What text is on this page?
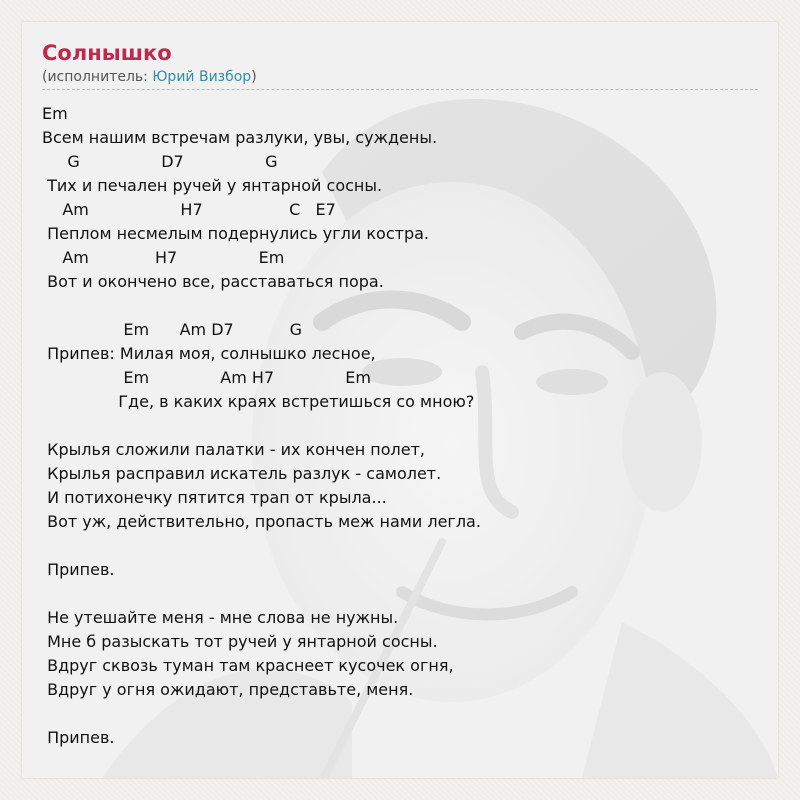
Солнышко
(исполнитель: Юрий Визбор)
Em
Всем нашим встречам разлуки, увы, суждены.
G                D7                G
Тих и печален ручей у янтарной сосны.
Am                  H7                 C   E7
Пеплом несмелым подернулись угли костра.
Am             H7                Em
Вот и окончено все, расставаться пора.
Em      Am D7           G
Припев: Милая моя, солнышко лесное,
Em              Am H7              Em
Где, в каких краях встретишься со мною?
Крылья сложили палатки - их кончен полет,
Крылья расправил искатель разлук - самолет.
И потихонечку пятится трап от крыла...
Вот уж, действительно, пропасть меж нами легла.
Припев.
Не утешайте меня - мне слова не нужны.
Мне б разыскать тот ручей у янтарной сосны.
Вдруг сквозь туман там краснеет кусочек огня,
Вдруг у огня ожидают, представьте, меня.
Припев.
